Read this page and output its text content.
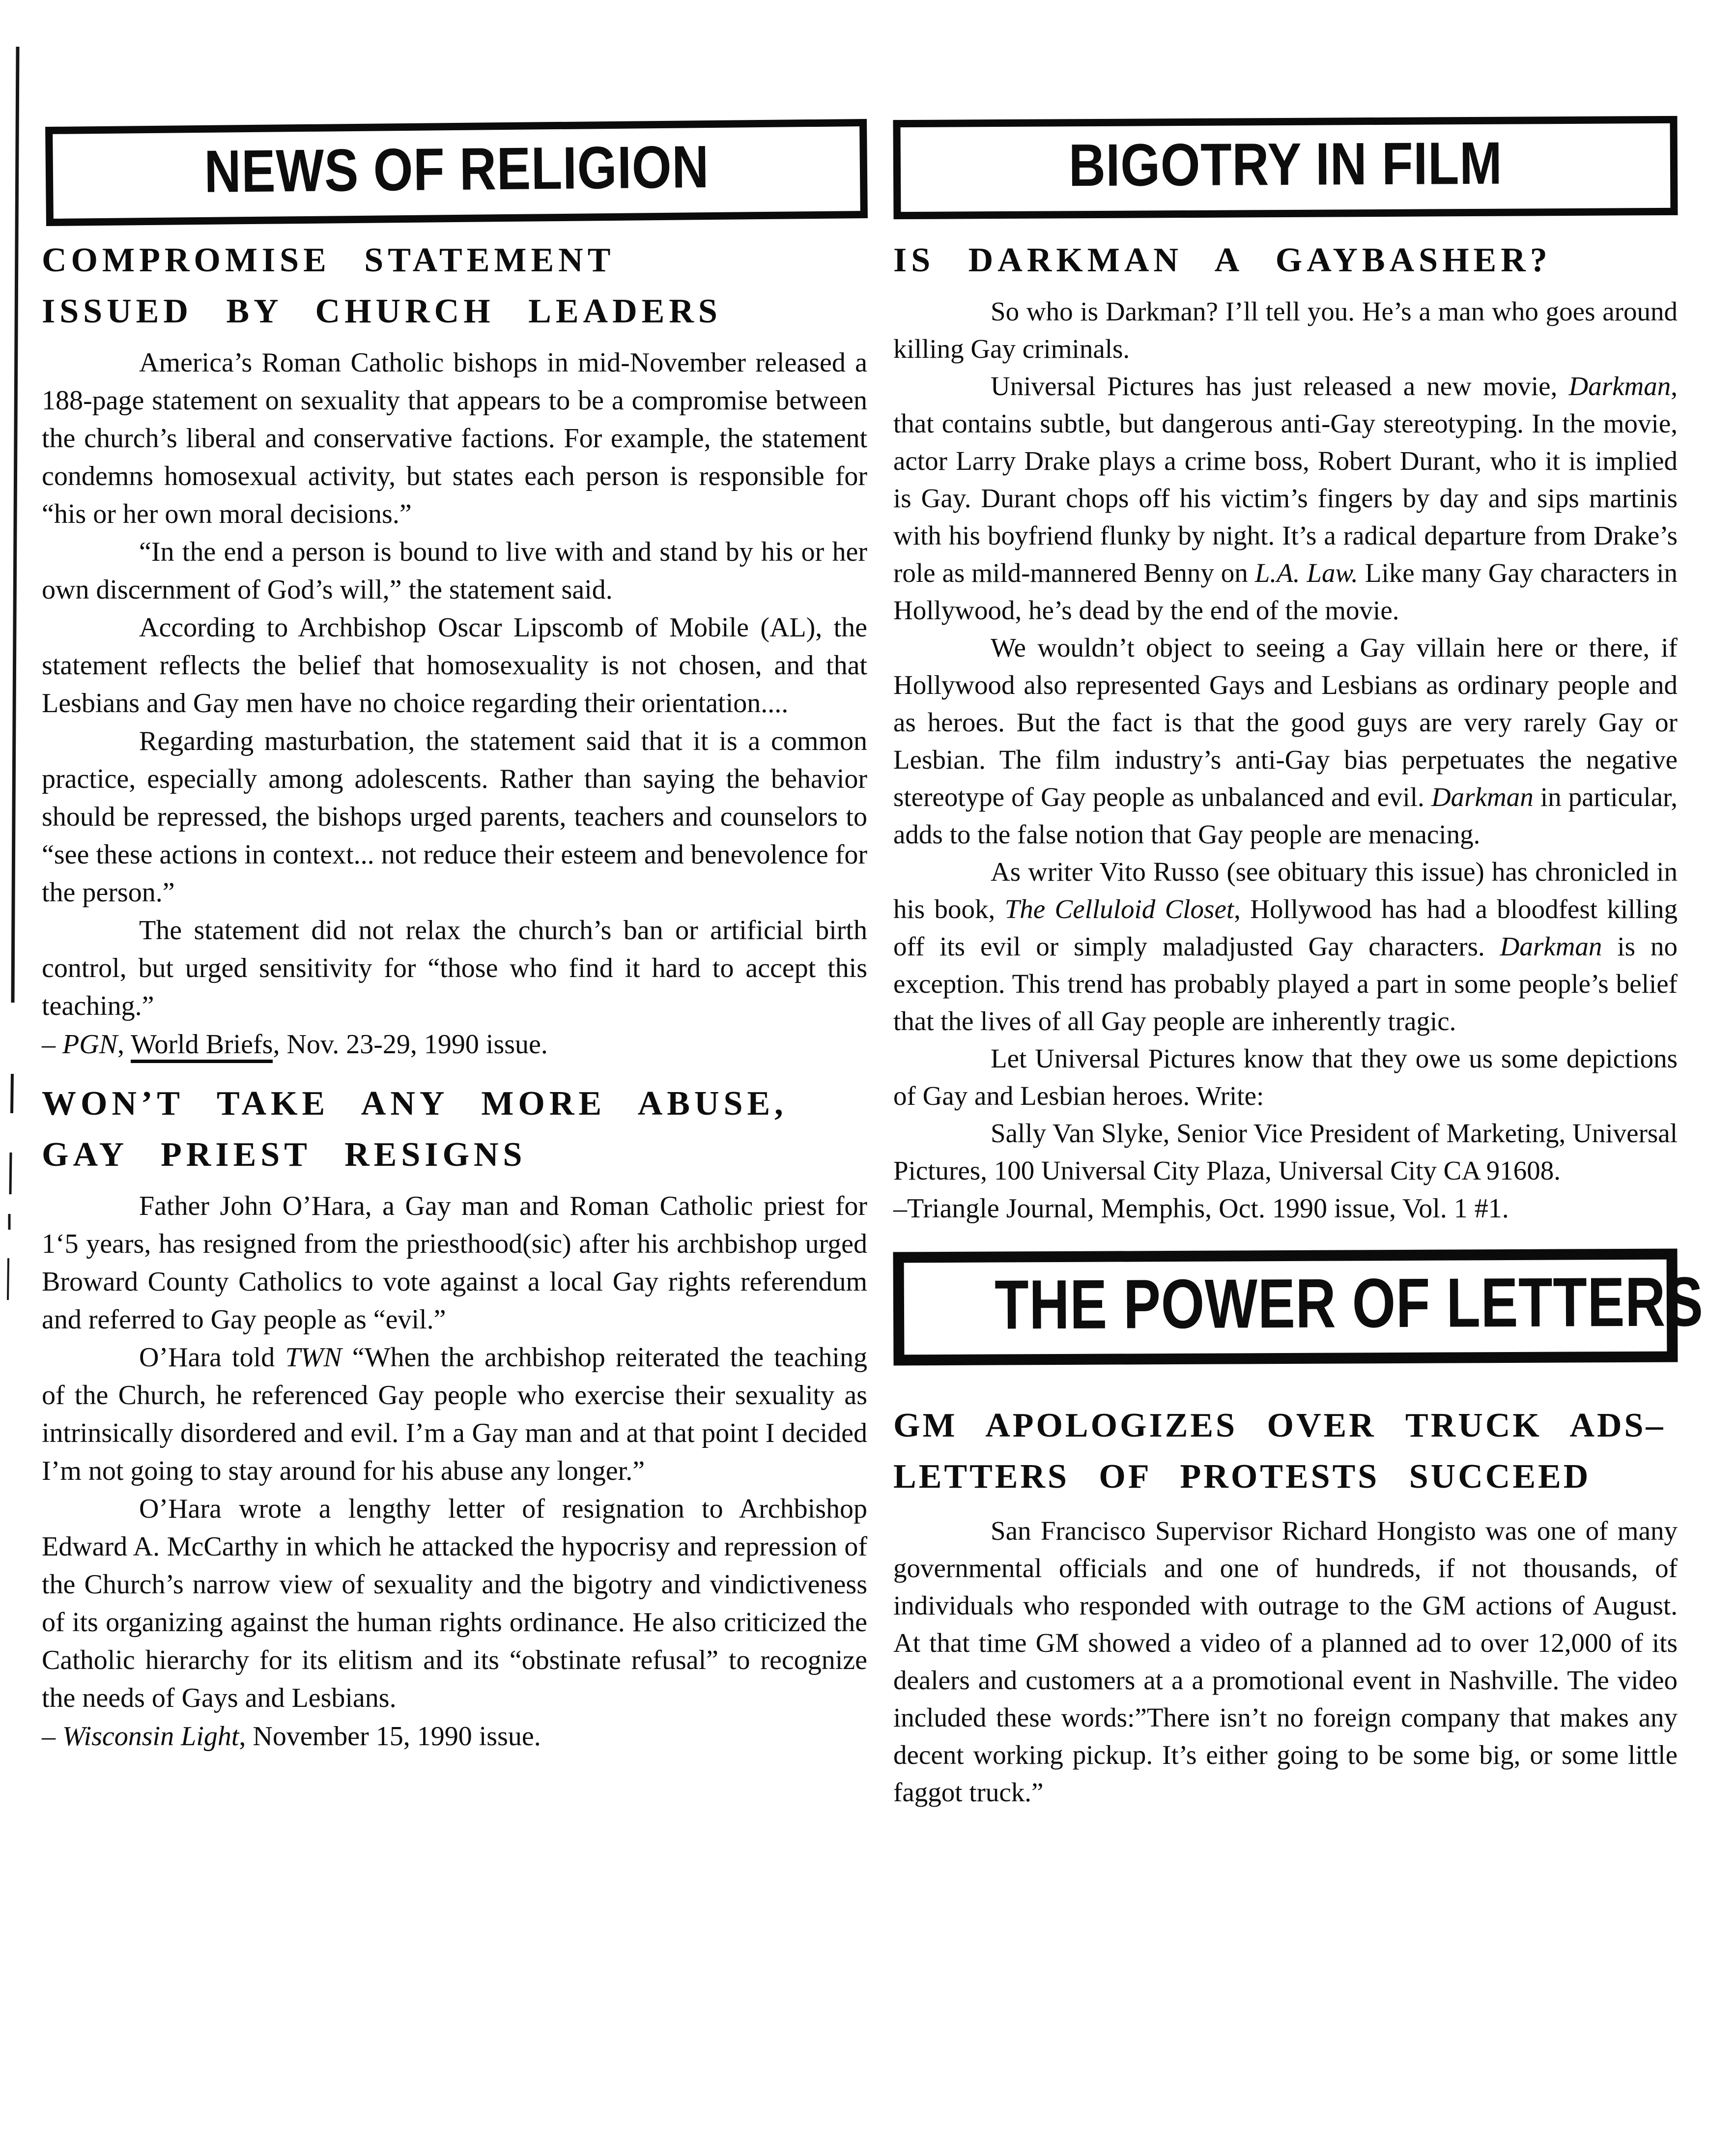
NEWS OF RELIGION
COMPROMISE STATEMENT
ISSUED BY CHURCH LEADERS

America’s Roman Catholic bishops in mid-November released a 188-page statement on sexuality that appears to be a compromise between the church’s liberal and conservative factions. For example, the statement condemns homosexual activity, but states each person is responsible for “his or her own moral decisions.”

“In the end a person is bound to live with and stand by his or her own discernment of God’s will,” the statement said.

According to Archbishop Oscar Lipscomb of Mobile (AL), the statement reflects the belief that homosexuality is not chosen, and that Lesbians and Gay men have no choice regarding their orientation....

Regarding masturbation, the statement said that it is a common practice, especially among adolescents. Rather than saying the behavior should be repressed, the bishops urged parents, teachers and counselors to “see these actions in context... not reduce their esteem and benevolence for the person.”

The statement did not relax the church’s ban or artificial birth control, but urged sensitivity for “those who find it hard to accept this teaching.”

– PGN, World Briefs, Nov. 23-29, 1990 issue.

WON’T TAKE ANY MORE ABUSE,
GAY PRIEST RESIGNS

Father John O’Hara, a Gay man and Roman Catholic priest for 1‘5 years, has resigned from the priesthood(sic) after his archbishop urged Broward County Catholics to vote against a local Gay rights referendum and referred to Gay people as “evil.”

O’Hara told TWN “When the archbishop reiterated the teaching of the Church, he referenced Gay people who exercise their sexuality as intrinsically disordered and evil. I’m a Gay man and at that point I decided I’m not going to stay around for his abuse any longer.”

O’Hara wrote a lengthy letter of resignation to Archbishop Edward A. McCarthy in which he attacked the hypocrisy and repression of the Church’s narrow view of sexuality and the bigotry and vindictiveness of its organizing against the human rights ordinance. He also criticized the Catholic hierarchy for its elitism and its “obstinate refusal” to recognize the needs of Gays and Lesbians.

– Wisconsin Light, November 15, 1990 issue.

BIGOTRY IN FILM
IS DARKMAN A GAYBASHER?

So who is Darkman? I’ll tell you. He’s a man who goes around killing Gay criminals.

Universal Pictures has just released a new movie, Darkman, that contains subtle, but dangerous anti-Gay stereotyping. In the movie, actor Larry Drake plays a crime boss, Robert Durant, who it is implied is Gay. Durant chops off his victim’s fingers by day and sips martinis with his boyfriend flunky by night. It’s a radical departure from Drake’s role as mild-mannered Benny on L.A. Law. Like many Gay characters in Hollywood, he’s dead by the end of the movie.

We wouldn’t object to seeing a Gay villain here or there, if Hollywood also represented Gays and Lesbians as ordinary people and as heroes. But the fact is that the good guys are very rarely Gay or Lesbian. The film industry’s anti-Gay bias perpetuates the negative stereotype of Gay people as unbalanced and evil. Darkman in particular, adds to the false notion that Gay people are menacing.

As writer Vito Russo (see obituary this issue) has chronicled in his book, The Celluloid Closet, Hollywood has had a bloodfest killing off its evil or simply maladjusted Gay characters. Darkman is no exception. This trend has probably played a part in some people’s belief that the lives of all Gay people are inherently tragic.

Let Universal Pictures know that they owe us some depictions of Gay and Lesbian heroes. Write:

Sally Van Slyke, Senior Vice President of Marketing, Universal Pictures, 100 Universal City Plaza, Universal City CA 91608.

–Triangle Journal, Memphis, Oct. 1990 issue, Vol. 1 #1.

THE POWER OF LETTERS
GM APOLOGIZES OVER TRUCK ADS–
LETTERS OF PROTESTS SUCCEED

San Francisco Supervisor Richard Hongisto was one of many governmental officials and one of hundreds, if not thousands, of individuals who responded with outrage to the GM actions of August. At that time GM showed a video of a planned ad to over 12,000 of its dealers and customers at a a promotional event in Nashville. The video included these words:”There isn’t no foreign company that makes any decent working pickup. It’s either going to be some big, or some little faggot truck.”
